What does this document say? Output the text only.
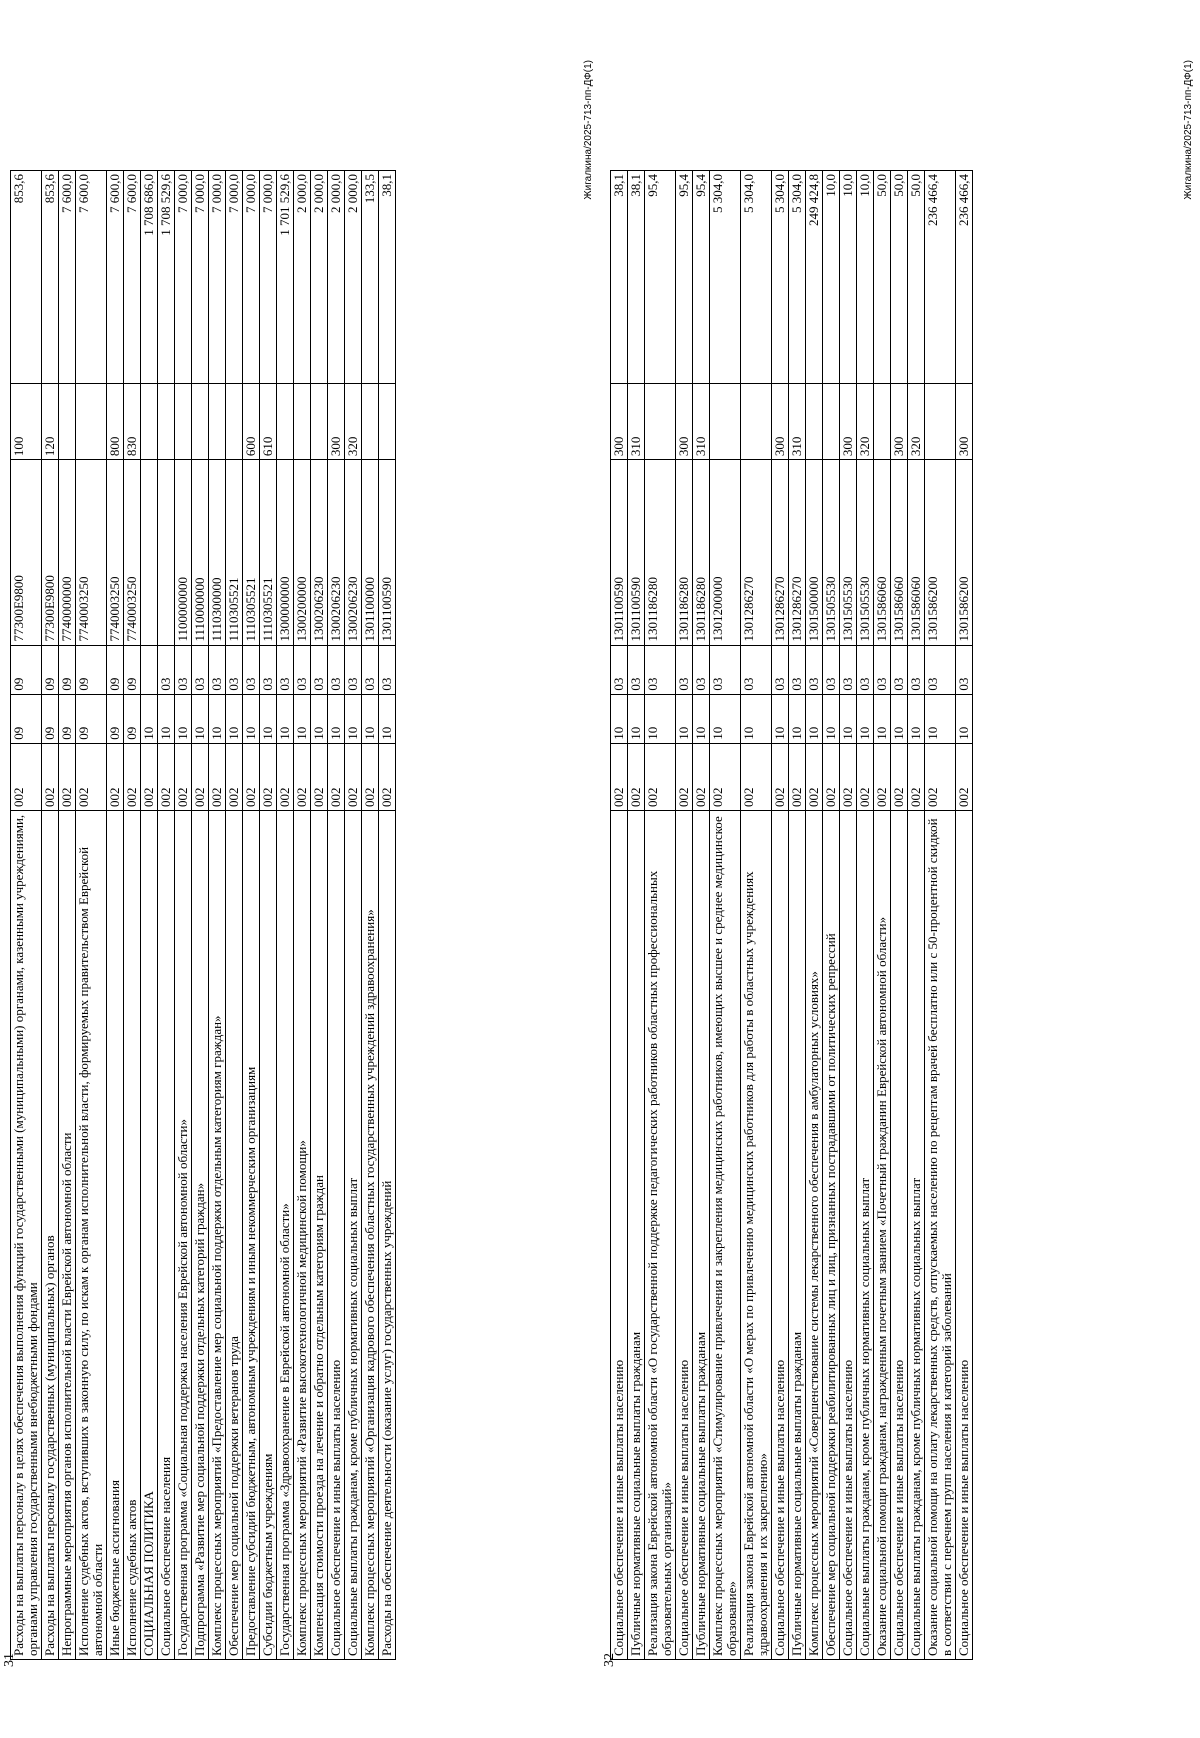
31
Расходы на выплаты персоналу в целях обеспечения выполнения функций государственными (муниципальными) органами, казенными учреждениями, органами управления государственными внебюджетными фондами	002	09	09	77300Е9800	100	853,6
Расходы на выплаты персоналу государственных (муниципальных) органов	002	09	09	77300Е9800	120	853,6
Непрограммные мероприятия органов исполнительной власти Еврейской автономной области	002	09	09	7740000000		7 600,0
Исполнение судебных актов, вступивших в законную силу, по искам к органам исполнительной власти, формируемых правительством Еврейской автономной области	002	09	09	7740003250		7 600,0
Иные бюджетные ассигнования	002	09	09	7740003250	800	7 600,0
Исполнение судебных актов	002	09	09	7740003250	830	7 600,0
СОЦИАЛЬНАЯ ПОЛИТИКА	002	10				1 708 686,0
Социальное обеспечение населения	002	10	03			1 708 529,6
Государственная программа «Социальная поддержка населения Еврейской автономной области»	002	10	03	1100000000		7 000,0
Подпрограмма «Развитие мер социальной поддержки отдельных категорий граждан»	002	10	03	1110000000		7 000,0
Комплекс процессных мероприятий «Предоставление мер социальной поддержки отдельным категориям граждан»	002	10	03	1110300000		7 000,0
Обеспечение мер социальной поддержки ветеранов труда	002	10	03	1110305521		7 000,0
Предоставление субсидий бюджетным, автономным учреждениям и иным некоммерческим организациям	002	10	03	1110305521	600	7 000,0
Субсидии бюджетным учреждениям	002	10	03	1110305521	610	7 000,0
Государственная программа «Здравоохранение в Еврейской автономной области»	002	10	03	1300000000		1 701 529,6
Комплекс процессных мероприятий «Развитие высокотехнологичной медицинской помощи»	002	10	03	1300200000		2 000,0
Компенсация стоимости проезда на лечение и обратно отдельным категориям граждан	002	10	03	1300206230		2 000,0
Социальное обеспечение и иные выплаты населению	002	10	03	1300206230	300	2 000,0
Социальные выплаты гражданам, кроме публичных нормативных социальных выплат	002	10	03	1300206230	320	2 000,0
Комплекс процессных мероприятий «Организация кадрового обеспечения областных государственных учреждений здравоохранения»	002	10	03	1301100000		133,5
Расходы на обеспечение деятельности (оказание услуг) государственных учреждений	002	10	03	1301100590		38,1	Жигалкина/2025-713-пп-ДФ(1)
32
Социальное обеспечение и иные выплаты населению	002	10	03	1301100590	300	38,1
Публичные нормативные социальные выплаты гражданам	002	10	03	1301100590	310	38,1
Реализация закона Еврейской автономной области «О государственной поддержке педагогических работников областных профессиональных образовательных организаций»	002	10	03	1301186280		95,4
Социальное обеспечение и иные выплаты населению	002	10	03	1301186280	300	95,4
Публичные нормативные социальные выплаты гражданам	002	10	03	1301186280	310	95,4
Комплекс процессных мероприятий «Стимулирование привлечения и закрепления медицинских работников, имеющих высшее и среднее медицинское образование»	002	10	03	1301200000		5 304,0
Реализация закона Еврейской автономной области «О мерах по привлечению медицинских работников для работы в областных учреждениях здравоохранения и их закреплению»	002	10	03	1301286270		5 304,0
Социальное обеспечение и иные выплаты населению	002	10	03	1301286270	300	5 304,0
Публичные нормативные социальные выплаты гражданам	002	10	03	1301286270	310	5 304,0
Комплекс процессных мероприятий «Совершенствование системы лекарственного обеспечения в амбулаторных условиях»	002	10	03	1301500000		249 424,8
Обеспечение мер социальной поддержки реабилитированных лиц и лиц, признанных пострадавшими от политических репрессий	002	10	03	1301505530		10,0
Социальное обеспечение и иные выплаты населению	002	10	03	1301505530	300	10,0
Социальные выплаты гражданам, кроме публичных нормативных социальных выплат	002	10	03	1301505530	320	10,0
Оказание социальной помощи гражданам, награжденным почетным званием «Почетный гражданин Еврейской автономной области»	002	10	03	1301586060		50,0
Социальное обеспечение и иные выплаты населению	002	10	03	1301586060	300	50,0
Социальные выплаты гражданам, кроме публичных нормативных социальных выплат	002	10	03	1301586060	320	50,0
Оказание социальной помощи на оплату лекарственных средств, отпускаемых населению по рецептам врачей бесплатно или с 50-процентной скидкой в соответствии с перечнем групп населения и категорий заболеваний	002	10	03	1301586200		236 466,4
Социальное обеспечение и иные выплаты населению	002	10	03	1301586200	300	236 466,4
Жигалкина/2025-713-пп-ДФ(1)
